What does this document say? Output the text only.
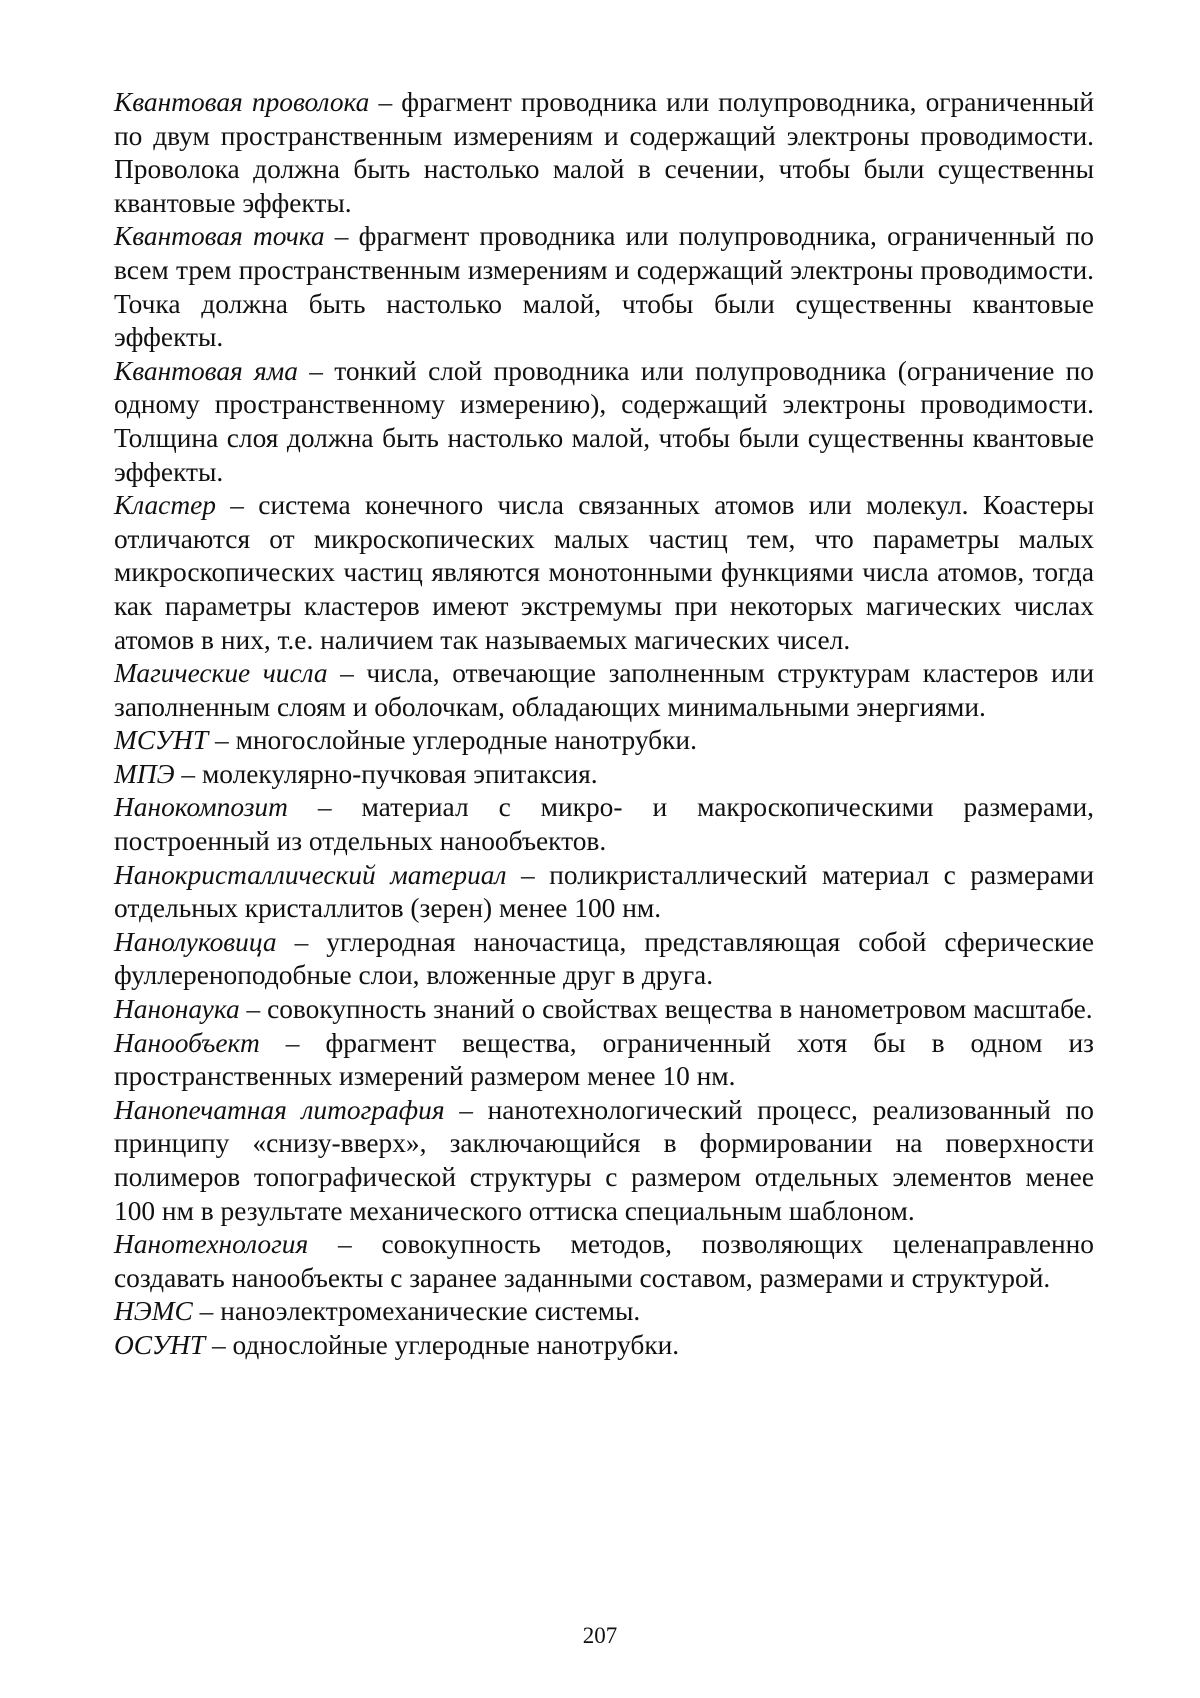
Квантовая проволока – фрагмент проводника или полупроводника, ограниченный по двум пространственным измерениям и содержащий электроны проводимости. Проволока должна быть настолько малой в сечении, чтобы были существенны квантовые эффекты.

Квантовая точка – фрагмент проводника или полупроводника, ограниченный по всем трем пространственным измерениям и содержащий электроны проводимости. Точка должна быть настолько малой, чтобы были существенны квантовые эффекты.

Квантовая яма – тонкий слой проводника или полупроводника (ограничение по одному пространственному измерению), содержащий электроны проводимости. Толщина слоя должна быть настолько малой, чтобы были существенны квантовые эффекты.

Кластер – система конечного числа связанных атомов или молекул. Коастеры отличаются от микроскопических малых частиц тем, что параметры малых микроскопических частиц являются монотонными функциями числа атомов, тогда как параметры кластеров имеют экстремумы при некоторых магических числах атомов в них, т.е. наличием так называемых магических чисел.

Магические числа – числа, отвечающие заполненным структурам кластеров или заполненным слоям и оболочкам, обладающих минимальными энергиями.

МСУНТ – многослойные углеродные нанотрубки.

МПЭ – молекулярно-пучковая эпитаксия.

Нанокомпозит – материал с микро- и макроскопическими размерами, построенный из отдельных нанообъектов.

Нанокристаллический материал – поликристаллический материал с размерами отдельных кристаллитов (зерен) менее 100 нм.

Нанолуковица – углеродная наночастица, представляющая собой сферические фуллереноподобные слои, вложенные друг в друга.

Нанонаука – совокупность знаний о свойствах вещества в нанометровом масштабе.

Нанообъект – фрагмент вещества, ограниченный хотя бы в одном из пространственных измерений размером менее 10 нм.

Нанопечатная литография – нанотехнологический процесс, реализованный по принципу «снизу-вверх», заключающийся в формировании на поверхности полимеров топографической структуры с размером отдельных элементов менее 100 нм в результате механического оттиска специальным шаблоном.

Нанотехнология – совокупность методов, позволяющих целенаправленно создавать нанообъекты с заранее заданными составом, размерами и структурой.

НЭМС – наноэлектромеханические системы.

ОСУНТ – однослойные углеродные нанотрубки.

207
